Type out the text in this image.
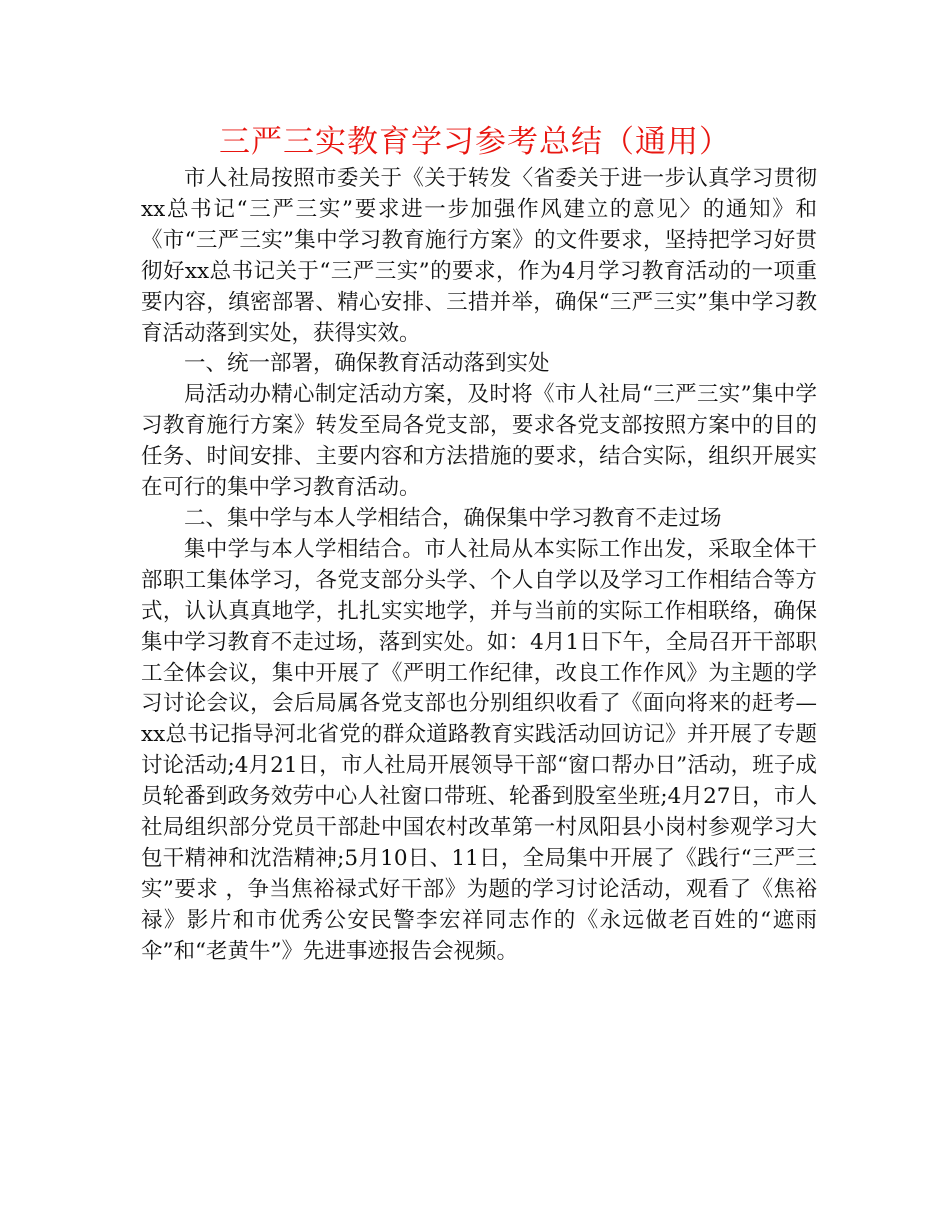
三严三实教育学习参考总结（通用）

市人社局按照市委关于《关于转发〈省委关于进一步认真学习贯彻xx总书记“三严三实”要求进一步加强作风建立的意见〉的通知》和《市“三严三实”集中学习教育施行方案》的文件要求，坚持把学习好贯彻好xx总书记关于“三严三实”的要求，作为4月学习教育活动的一项重要内容，缜密部署、精心安排、三措并举，确保“三严三实”集中学习教育活动落到实处，获得实效。

一、统一部署，确保教育活动落到实处

局活动办精心制定活动方案，及时将《市人社局“三严三实”集中学习教育施行方案》转发至局各党支部，要求各党支部按照方案中的目的任务、时间安排、主要内容和方法措施的要求，结合实际，组织开展实在可行的集中学习教育活动。

二、集中学与本人学相结合，确保集中学习教育不走过场

集中学与本人学相结合。市人社局从本实际工作出发，采取全体干部职工集体学习，各党支部分头学、个人自学以及学习工作相结合等方式，认认真真地学，扎扎实实地学，并与当前的实际工作相联络，确保集中学习教育不走过场，落到实处。如：4月1日下午，全局召开干部职工全体会议，集中开展了《严明工作纪律，改良工作作风》为主题的学习讨论会议，会后局属各党支部也分别组织收看了《面向将来的赶考—xx总书记指导河北省党的群众道路教育实践活动回访记》并开展了专题讨论活动;4月21日，市人社局开展领导干部“窗口帮办日”活动，班子成员轮番到政务效劳中心人社窗口带班、轮番到股室坐班;4月27日，市人社局组织部分党员干部赴中国农村改革第一村凤阳县小岗村参观学习大包干精神和沈浩精神;5月10日、11日，全局集中开展了《践行“三严三实”要求 ，争当焦裕禄式好干部》为题的学习讨论活动，观看了《焦裕禄》影片和市优秀公安民警李宏祥同志作的《永远做老百姓的“遮雨伞”和“老黄牛”》先进事迹报告会视频。
